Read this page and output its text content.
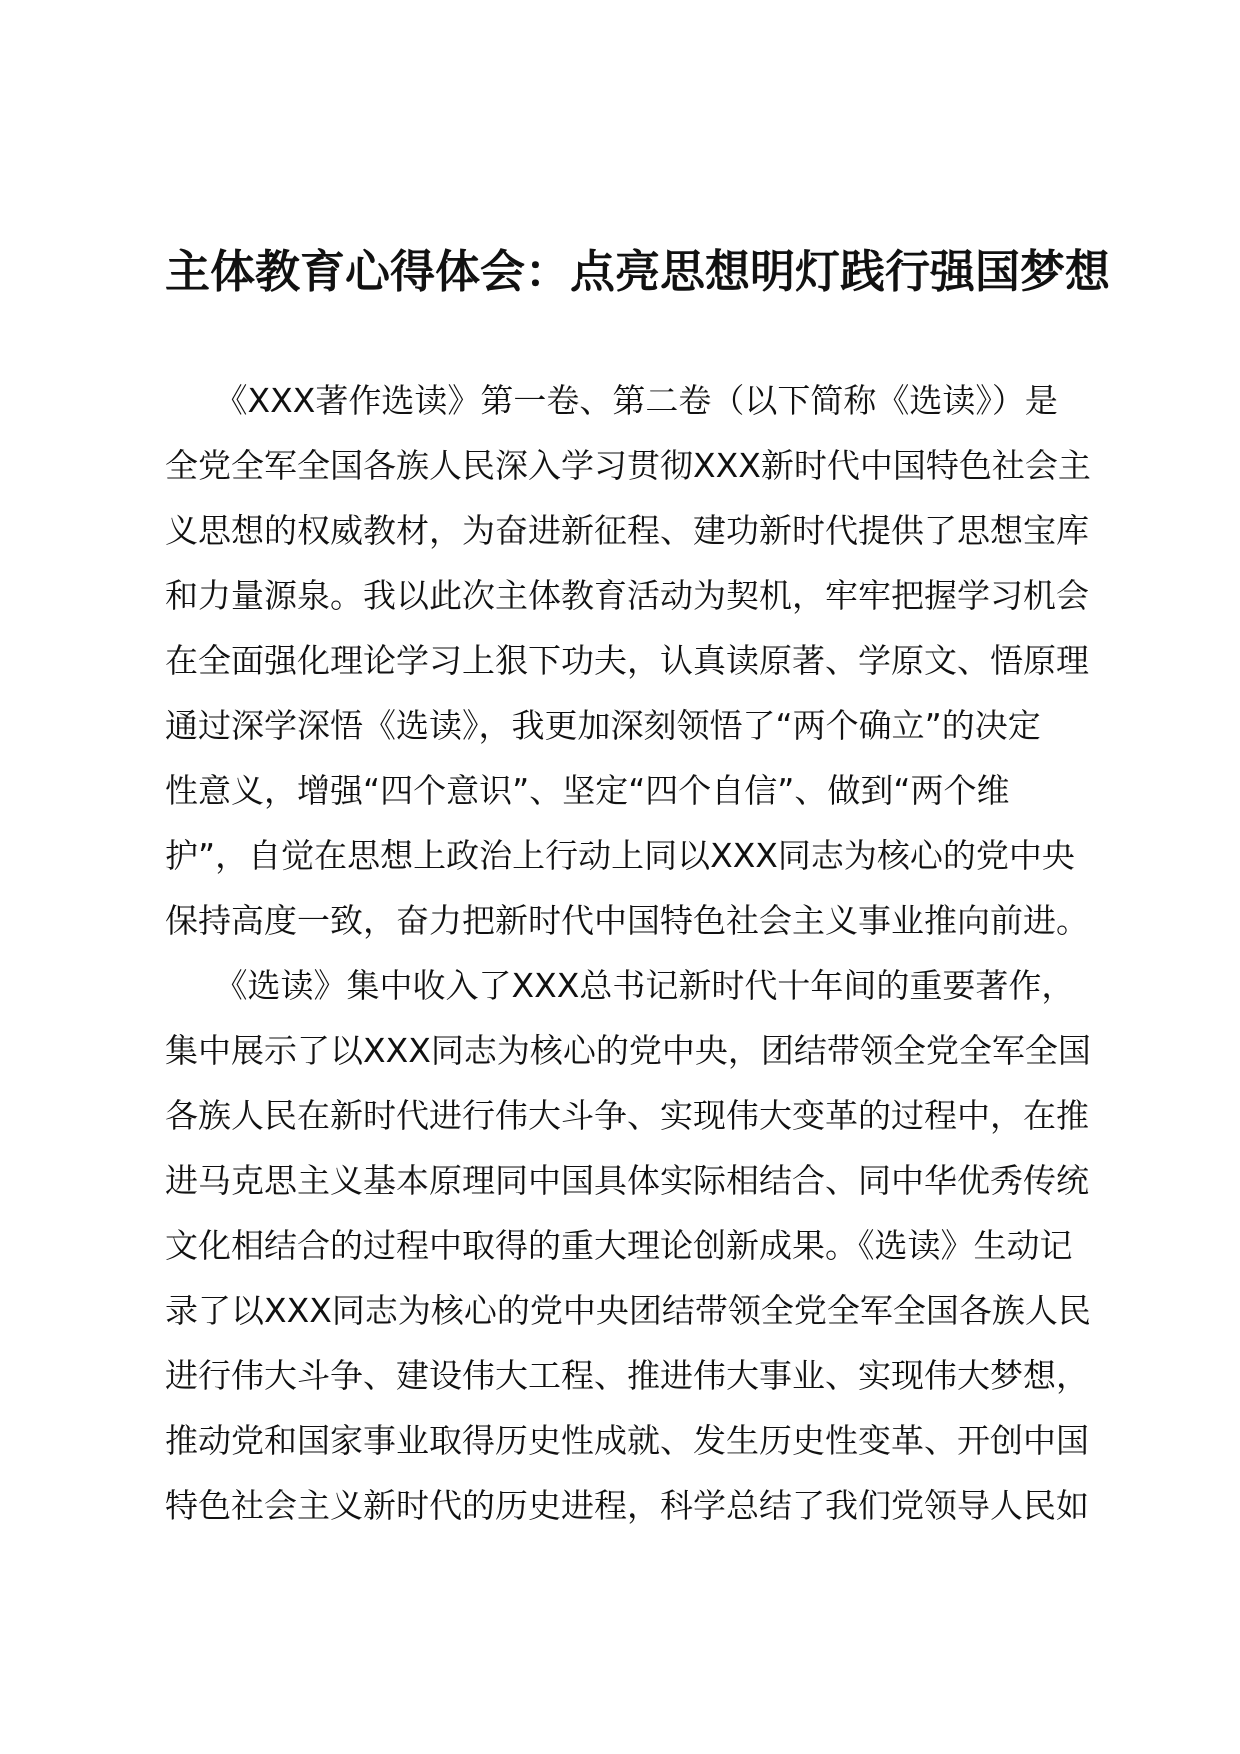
主体教育心得体会：点亮思想明灯践行强国梦想
　　《XXX著作选读》第一卷、第二卷（以下简称《选读》）是
全党全军全国各族人民深入学习贯彻XXX新时代中国特色社会主
义思想的权威教材，为奋进新征程、建功新时代提供了思想宝库
和力量源泉。我以此次主体教育活动为契机，牢牢把握学习机会
在全面强化理论学习上狠下功夫，认真读原著、学原文、悟原理
通过深学深悟《选读》，我更加深刻领悟了“两个确立”的决定
性意义，增强“四个意识”、坚定“四个自信”、做到“两个维
护”，自觉在思想上政治上行动上同以XXX同志为核心的党中央
保持高度一致，奋力把新时代中国特色社会主义事业推向前进。
　　《选读》集中收入了XXX总书记新时代十年间的重要著作，
集中展示了以XXX同志为核心的党中央，团结带领全党全军全国
各族人民在新时代进行伟大斗争、实现伟大变革的过程中，在推
进马克思主义基本原理同中国具体实际相结合、同中华优秀传统
文化相结合的过程中取得的重大理论创新成果。《选读》生动记
录了以XXX同志为核心的党中央团结带领全党全军全国各族人民
进行伟大斗争、建设伟大工程、推进伟大事业、实现伟大梦想，
推动党和国家事业取得历史性成就、发生历史性变革、开创中国
特色社会主义新时代的历史进程，科学总结了我们党领导人民如
